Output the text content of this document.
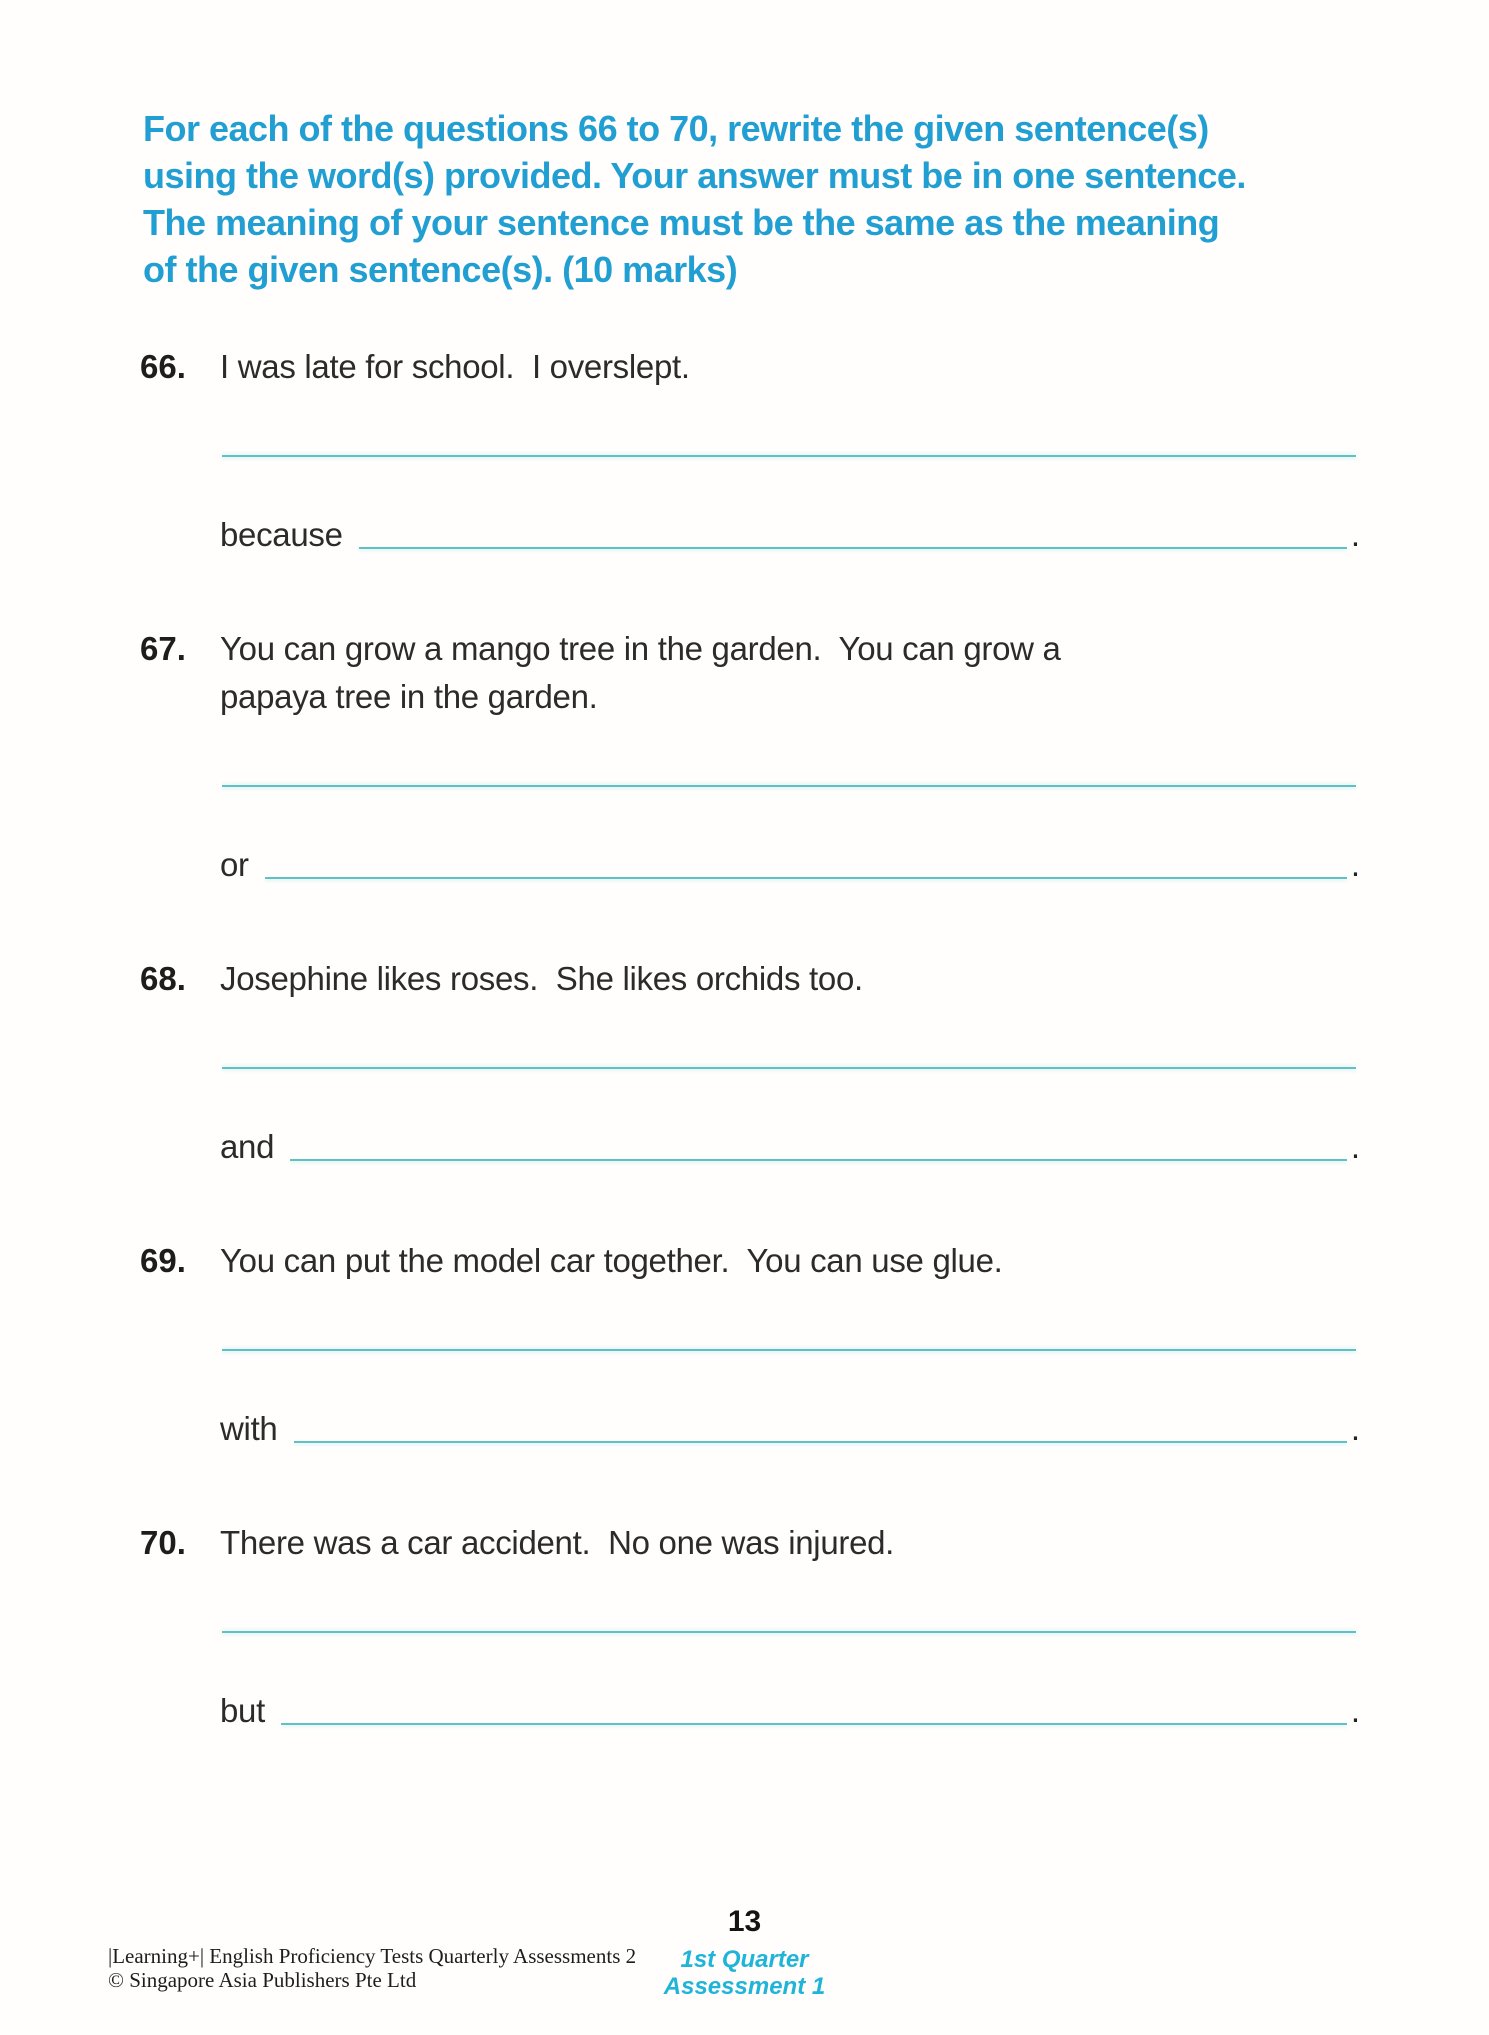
For each of the questions 66 to 70, rewrite the given sentence(s)
using the word(s) provided. Your answer must be in one sentence.
The meaning of your sentence must be the same as the meaning
of the given sentence(s). (10 marks)
66.	I was late for school.  I overslept.
because	.
67.	You can grow a mango tree in the garden.  You can grow a
papaya tree in the garden.
or	.
68.	Josephine likes roses.  She likes orchids too.
and	.
69.	You can put the model car together.  You can use glue.
with	.
70.	There was a car accident.  No one was injured.
but	.
13
1st Quarter
Assessment 1
|Learning+| English Proficiency Tests Quarterly Assessments 2
© Singapore Asia Publishers Pte Ltd
